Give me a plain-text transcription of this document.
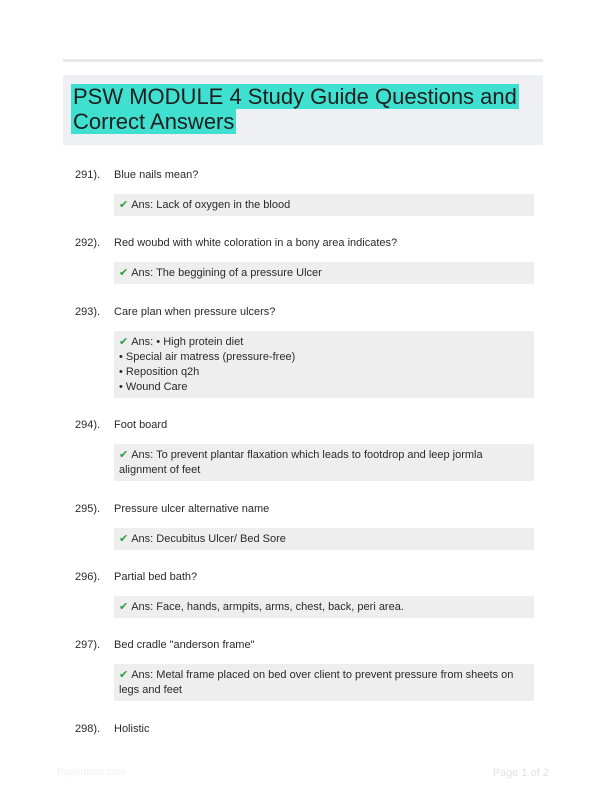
PSW MODULE 4 Study Guide Questions and Correct Answers
291).	Blue nails mean?
✔ Ans: Lack of oxygen in the blood
292).	Red woubd with white coloration in a bony area indicates?
✔ Ans: The beggining of a pressure Ulcer
293).	Care plan when pressure ulcers?
✔ Ans: • High protein diet
• Special air matress (pressure-free)
• Reposition q2h
• Wound Care
294).	Foot board
✔ Ans: To prevent plantar flaxation which leads to footdrop and leep jormla alignment of feet
295).	Pressure ulcer alternative name
✔ Ans: Decubitus Ulcer/ Bed Sore
296).	Partial bed bath?
✔ Ans: Face, hands, armpits, arms, chest, back, peri area.
297).	Bed cradle "anderson frame"
✔ Ans: Metal frame placed on bed over client to prevent pressure from sheets on legs and feet
298).	Holistic
Papertiteic.com	Page 1 of 2
